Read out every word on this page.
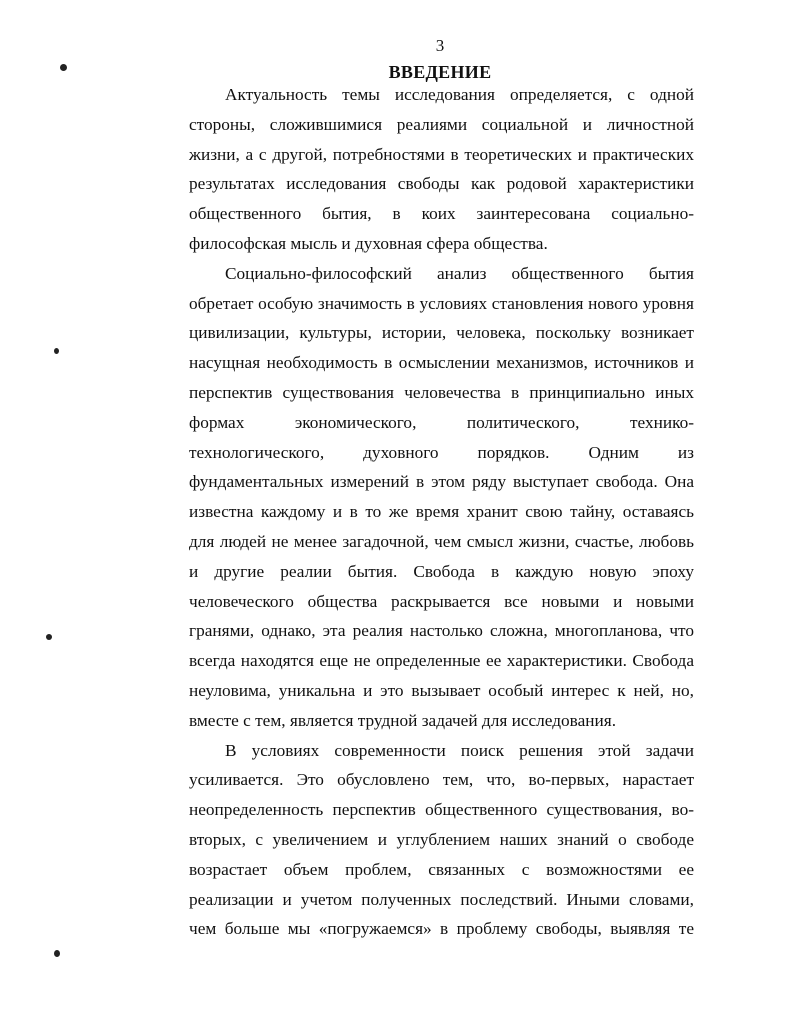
3
ВВЕДЕНИЕ
Актуальность темы исследования определяется, с одной
стороны, сложившимися реалиями социальной и личностной
жизни, а с другой, потребностями в теоретических и практических
результатах исследования свободы как родовой характеристики
общественного бытия, в коих заинтересована социально-
философская мысль и духовная сфера общества.
Социально-философский анализ общественного бытия
обретает особую значимость в условиях становления нового уровня
цивилизации, культуры, истории, человека, поскольку возникает
насущная необходимость в осмыслении механизмов, источников и
перспектив существования человечества в принципиально иных
формах экономического, политического, технико-
технологического, духовного порядков. Одним из
фундаментальных измерений в этом ряду выступает свобода. Она
известна каждому и в то же время хранит свою тайну, оставаясь
для людей не менее загадочной, чем смысл жизни, счастье, любовь
и другие реалии бытия. Свобода в каждую новую эпоху
человеческого общества раскрывается все новыми и новыми
гранями, однако, эта реалия настолько сложна, многопланова, что
всегда находятся еще не определенные ее характеристики. Свобода
неуловима, уникальна и это вызывает особый интерес к ней, но,
вместе с тем, является трудной задачей для исследования.
В условиях современности поиск решения этой задачи
усиливается. Это обусловлено тем, что, во-первых, нарастает
неопределенность перспектив общественного существования, во-
вторых, с увеличением и углублением наших знаний о свободе
возрастает объем проблем, связанных с возможностями ее
реализации и учетом полученных последствий. Иными словами,
чем больше мы «погружаемся» в проблему свободы, выявляя те
